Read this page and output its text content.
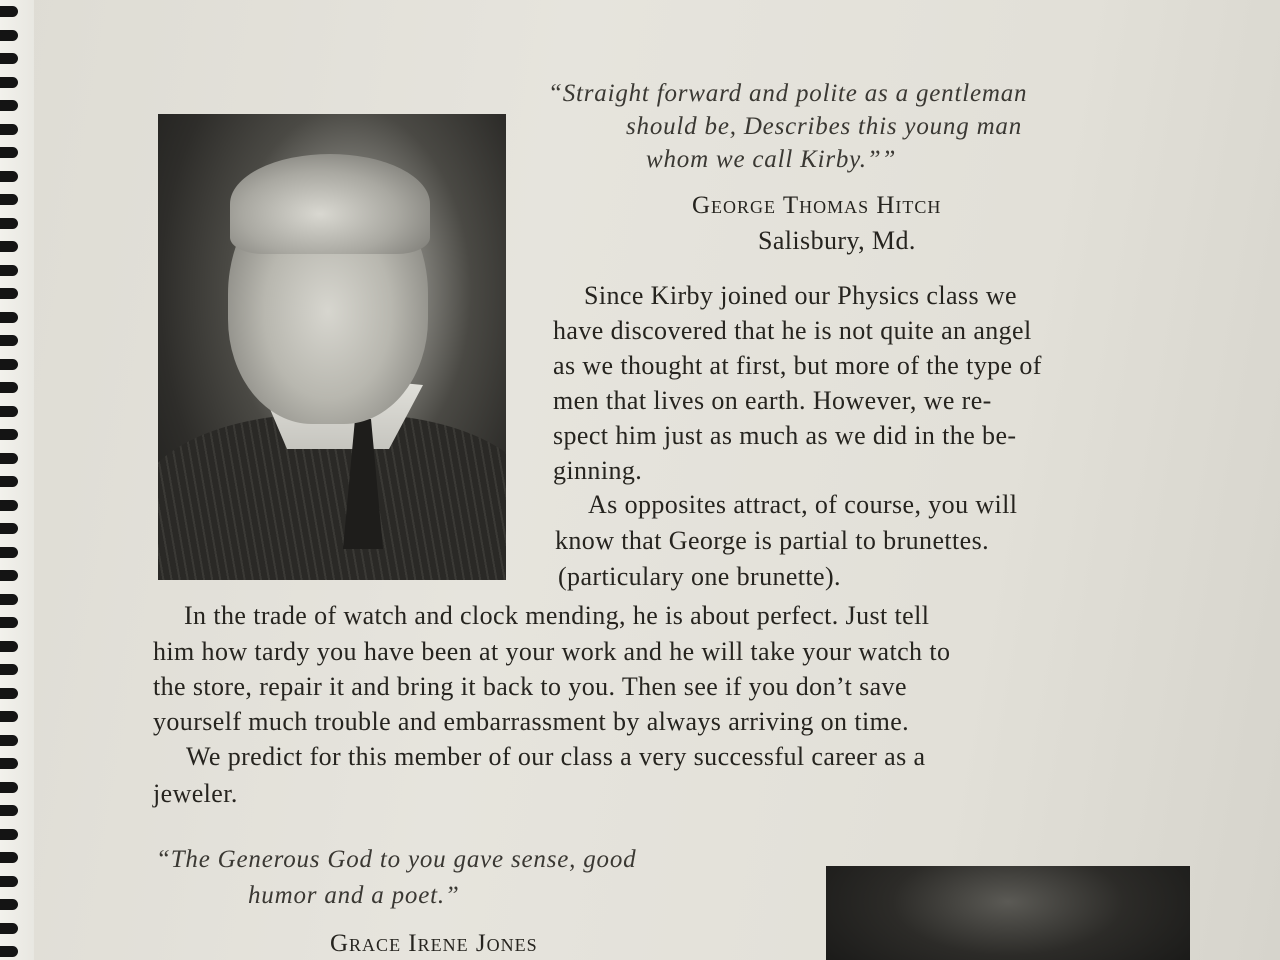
“Straight forward and polite as a gentleman

should be, Describes this young man

whom we call Kirby.””

George Thomas Hitch

Salisbury, Md.

Since Kirby joined our Physics class we

have discovered that he is not quite an angel

as we thought at first, but more of the type of

men that lives on earth. However, we re-

spect him just as much as we did in the be-

ginning.

As opposites attract, of course, you will

know that George is partial to brunettes.

(particulary one brunette).

In the trade of watch and clock mending, he is about perfect. Just tell

him how tardy you have been at your work and he will take your watch to

the store, repair it and bring it back to you. Then see if you don’t save

yourself much trouble and embarrassment by always arriving on time.

We predict for this member of our class a very successful career as a

jeweler.

“The Generous God to you gave sense, good

humor and a poet.”

Grace Irene Jones
